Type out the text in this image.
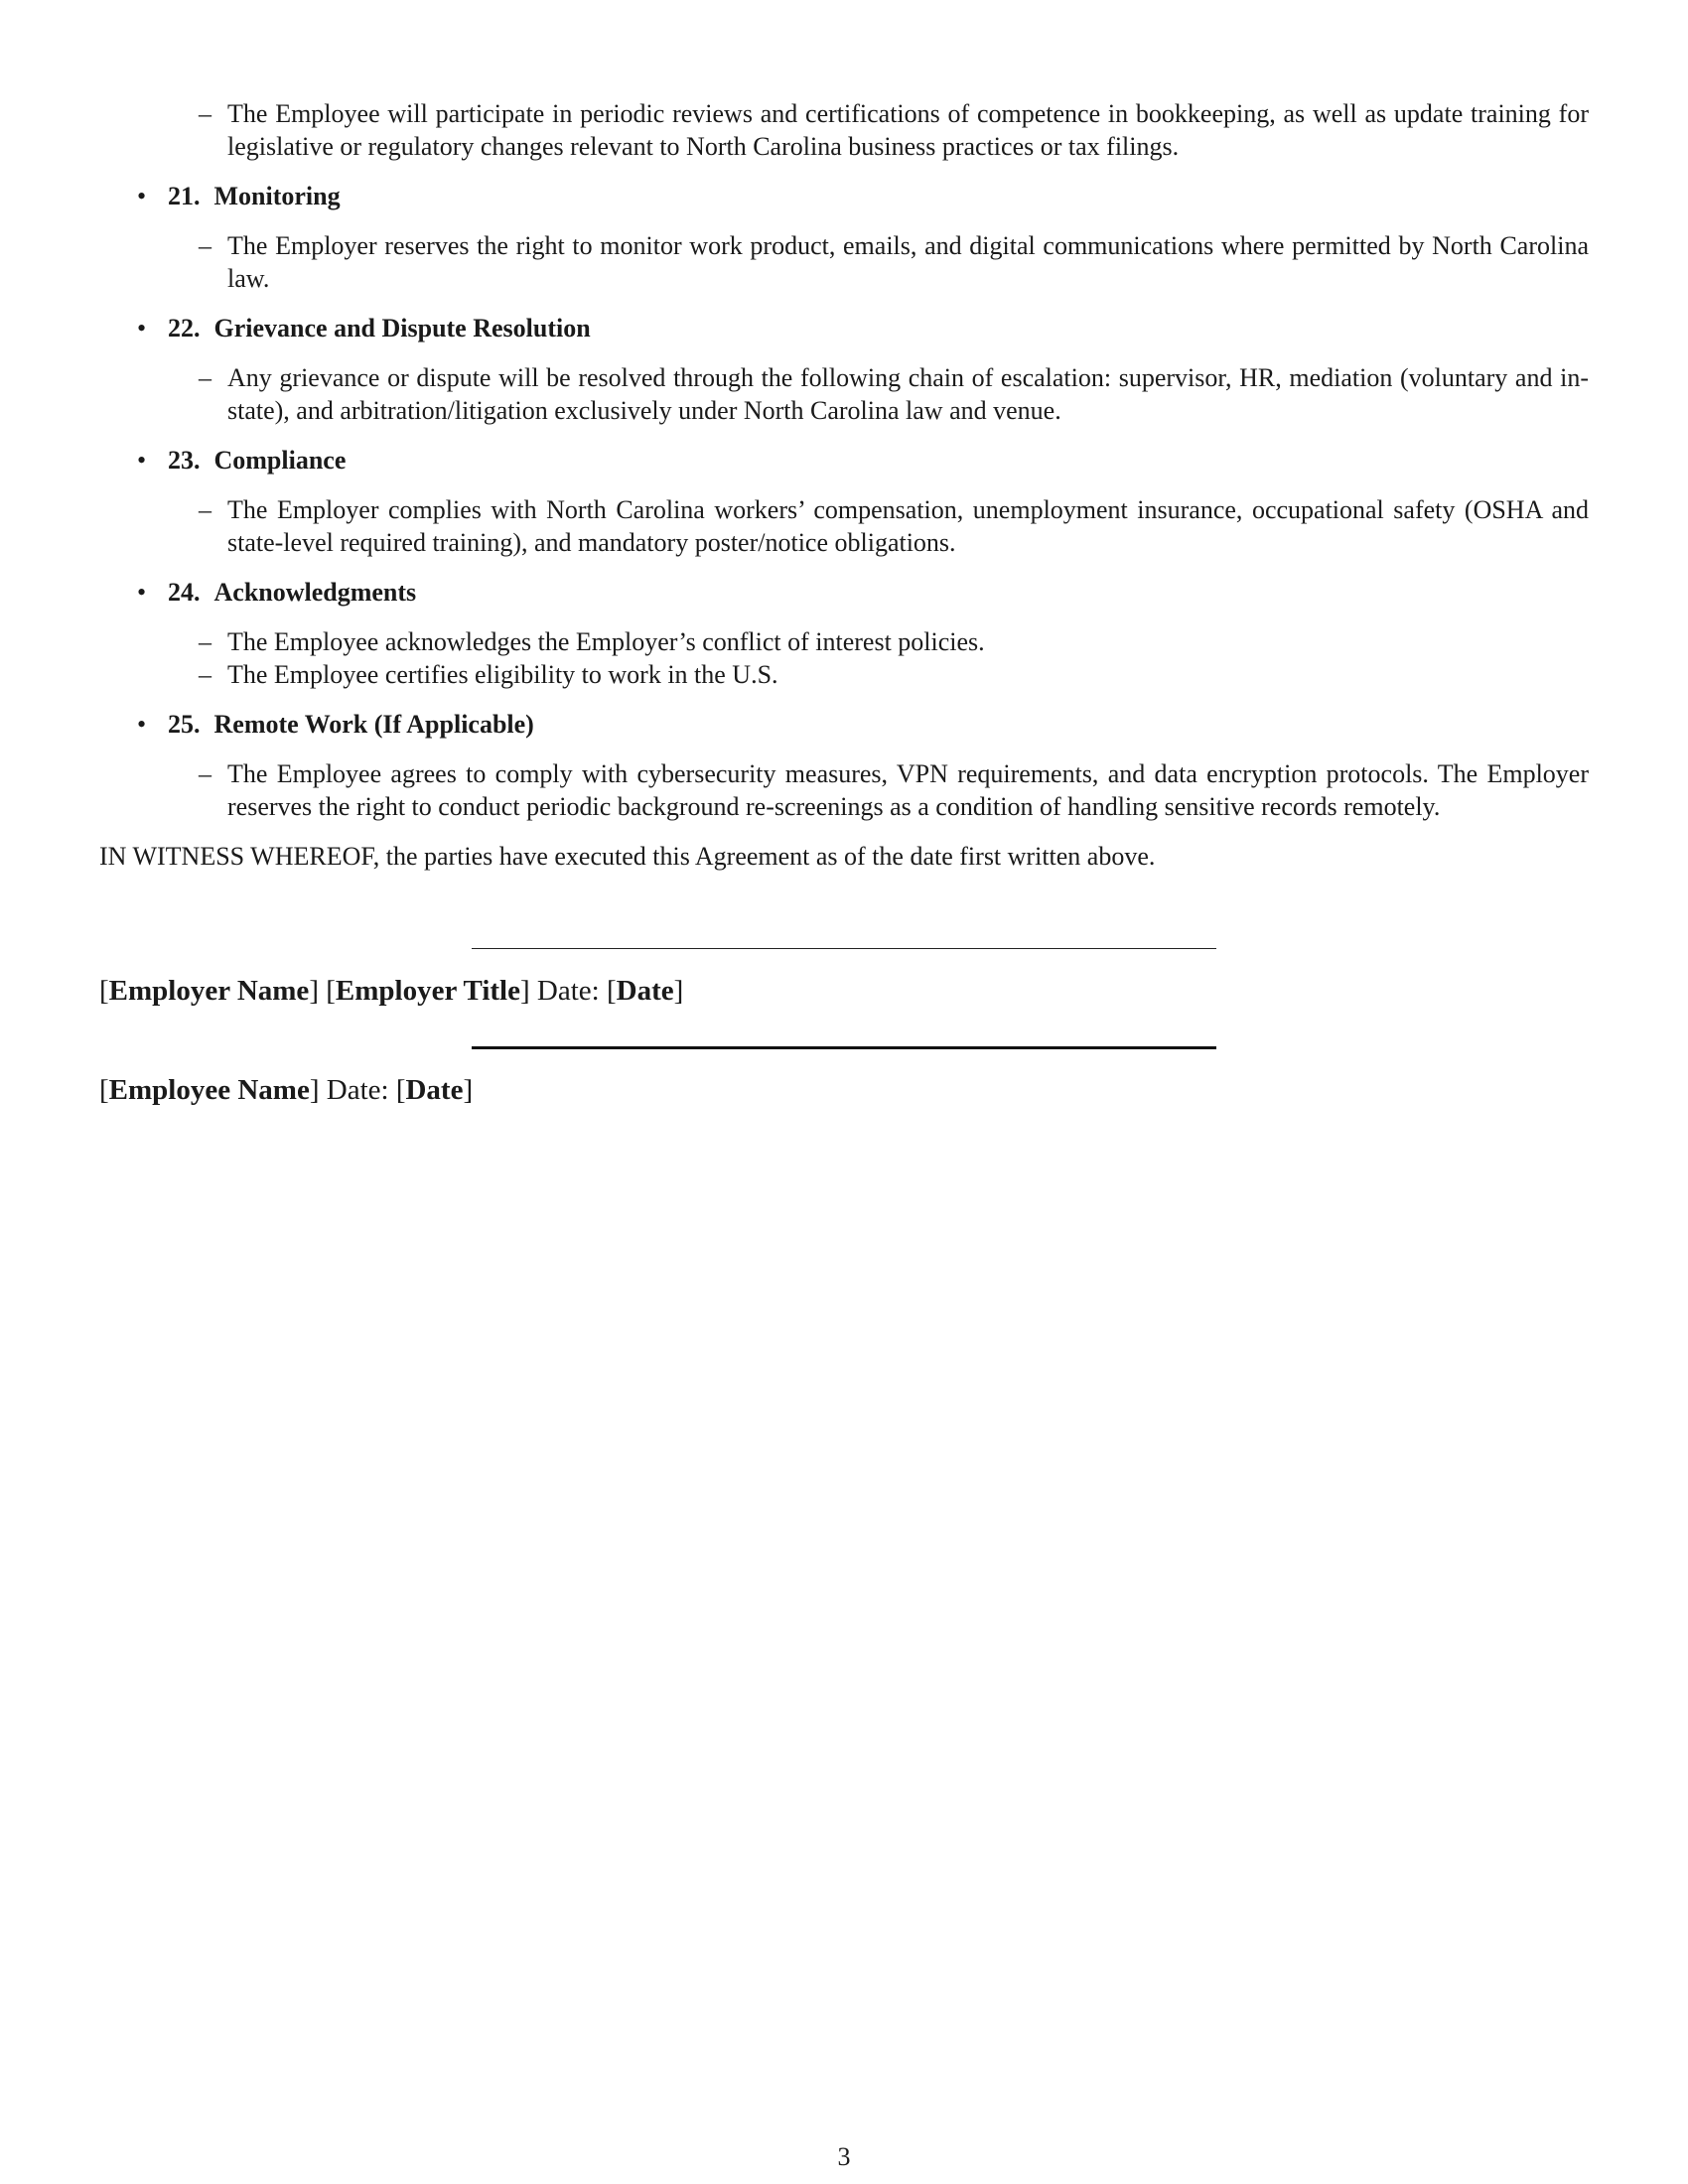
– The Employee will participate in periodic reviews and certifications of competence in bookkeeping, as well as update training for legislative or regulatory changes relevant to North Carolina business practices or tax filings.
• 21. Monitoring
– The Employer reserves the right to monitor work product, emails, and digital communications where permitted by North Carolina law.
• 22. Grievance and Dispute Resolution
– Any grievance or dispute will be resolved through the following chain of escalation: supervisor, HR, mediation (voluntary and in-state), and arbitration/litigation exclusively under North Carolina law and venue.
• 23. Compliance
– The Employer complies with North Carolina workers’ compensation, unemployment insurance, occupational safety (OSHA and state-level required training), and mandatory poster/notice obligations.
• 24. Acknowledgments
– The Employee acknowledges the Employer’s conflict of interest policies.
– The Employee certifies eligibility to work in the U.S.
• 25. Remote Work (If Applicable)
– The Employee agrees to comply with cybersecurity measures, VPN requirements, and data encryption protocols. The Employer reserves the right to conduct periodic background re-screenings as a condition of handling sensitive records remotely.
IN WITNESS WHEREOF, the parties have executed this Agreement as of the date first written above.
[Employer Name] [Employer Title] Date: [Date]
[Employee Name] Date: [Date]
3
